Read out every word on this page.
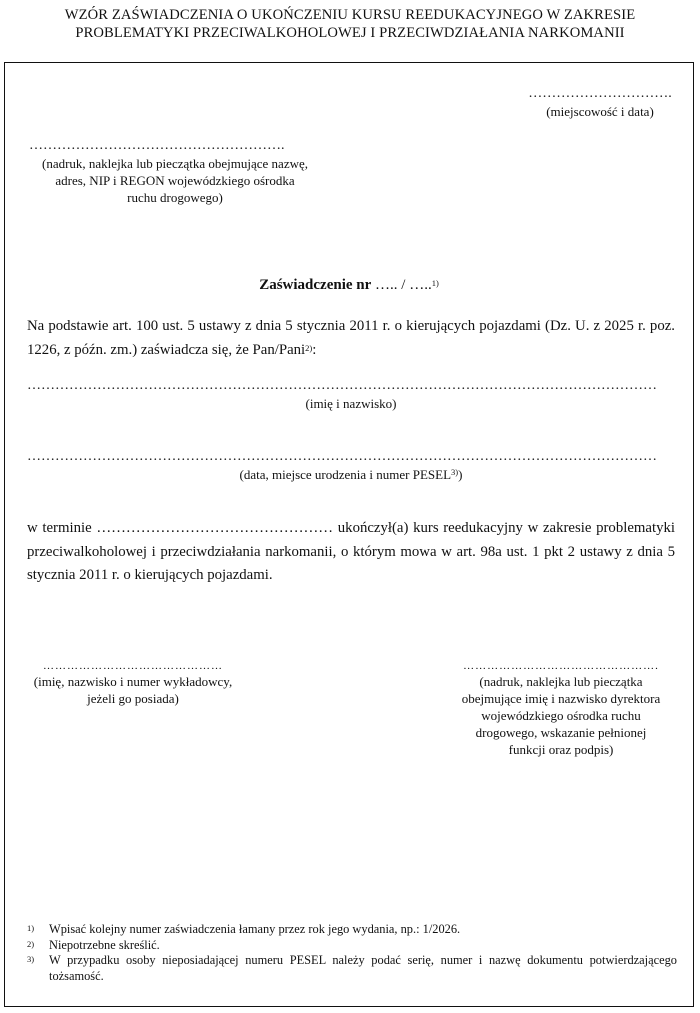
WZÓR ZAŚWIADCZENIA O UKOŃCZENIU KURSU REEDUKACYJNEGO W ZAKRESIE
PROBLEMATYKI PRZECIWALKOHOLOWEJ I PRZECIWDZIAŁANIA NARKOMANII
………………………….
(miejscowość i data)
……………………………………………….
(nadruk, naklejka lub pieczątka obejmujące nazwę,
adres, NIP i REGON wojewódzkiego ośrodka
ruchu drogowego)
Zaświadczenie nr ….. / …..$^{1)}$
Na podstawie art. 100 ust. 5 ustawy z dnia 5 stycznia 2011 r. o kierujących pojazdami (Dz. U. z 2025 r. poz. 1226, z późn. zm.) zaświadcza się, że Pan/Pani$^{2)}$:
………………………………………………………………………………………………………………………
(imię i nazwisko)
………………………………………………………………………………………………………………………
(data, miejsce urodzenia i numer PESEL$^{3)}$)
w terminie ………………………………………… ukończył(a) kurs reedukacyjny w zakresie problematyki przeciwalkoholowej i przeciwdziałania narkomanii, o którym mowa w art. 98a ust. 1 pkt 2 ustawy z dnia 5 stycznia 2011 r. o kierujących pojazdami.
………………………………………
(imię, nazwisko i numer wykładowcy,
jeżeli go posiada)
………………………………………….
(nadruk, naklejka lub pieczątka
obejmujące imię i nazwisko dyrektora
wojewódzkiego ośrodka ruchu
drogowego, wskazanie pełnionej
funkcji oraz podpis)
1)	Wpisać kolejny numer zaświadczenia łamany przez rok jego wydania, np.: 1/2026.
2)	Niepotrzebne skreślić.
3)	W przypadku osoby nieposiadającej numeru PESEL należy podać serię, numer i nazwę dokumentu potwierdzającego tożsamość.
